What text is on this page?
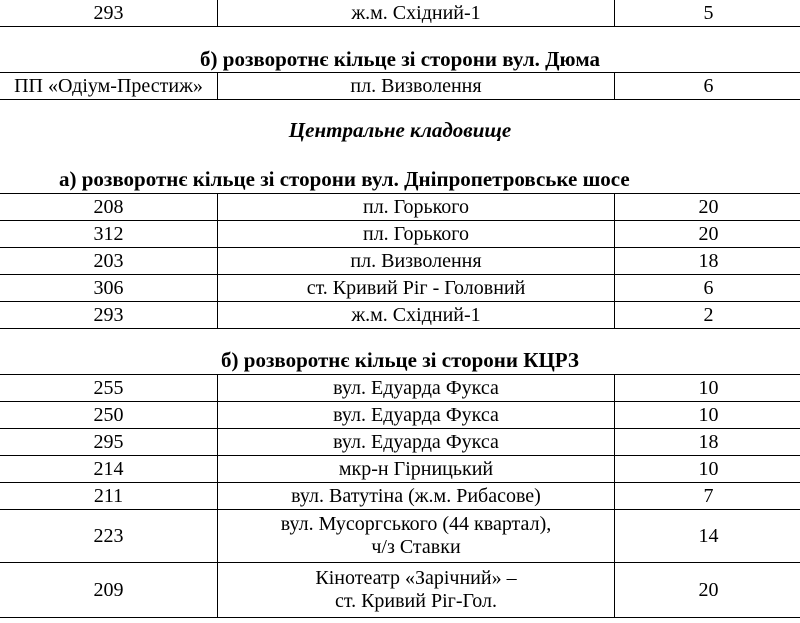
293	ж.м. Східний-1	5
б) розворотнє кільце зі сторони вул. Дюма
ПП «Одіум-Престиж»	пл. Визволення	6
Центральне кладовище
а) розворотнє кільце зі сторони вул. Дніпропетровське шосе
208	пл. Горького	20
312	пл. Горького	20
203	пл. Визволення	18
306	ст. Кривий Ріг - Головний	6
293	ж.м. Східний-1	2
б) розворотнє кільце зі сторони КЦРЗ
255	вул. Едуарда Фукса	10
250	вул. Едуарда Фукса	10
295	вул. Едуарда Фукса	18
214	мкр-н Гірницький	10
211	вул. Ватутіна (ж.м. Рибасове)	7
223	вул. Мусоргського (44 квартал),
ч/з Ставки	14
209	Кінотеатр «Зарічний» –
ст. Кривий Ріг-Гол.	20
